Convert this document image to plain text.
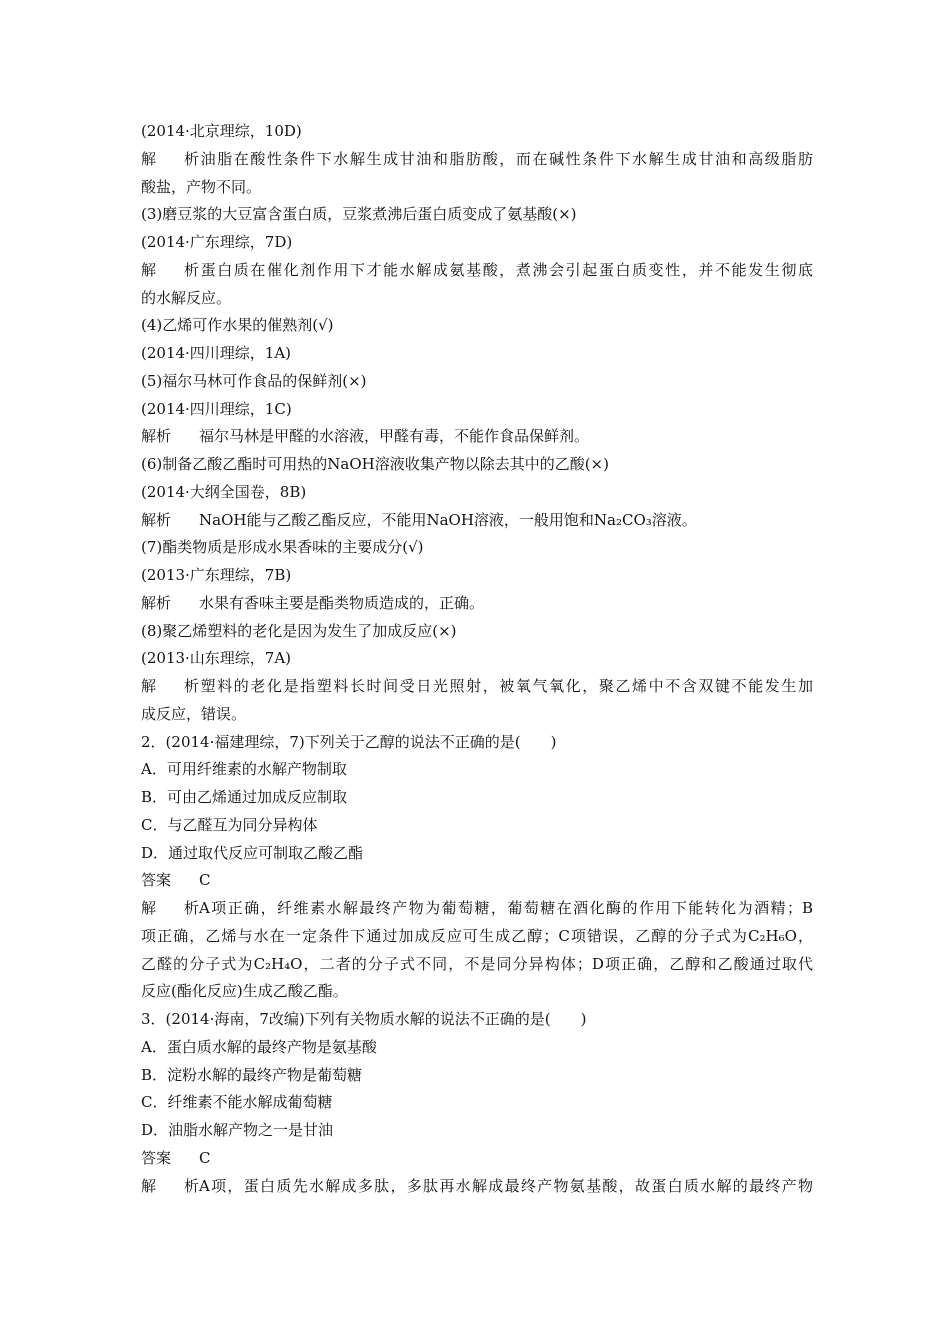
(2014·北京理综，10D)
解析油脂在酸性条件下水解生成甘油和脂肪酸，而在碱性条件下水解生成甘油和高级脂肪
酸盐，产物不同。
(3)磨豆浆的大豆富含蛋白质，豆浆煮沸后蛋白质变成了氨基酸(×)
(2014·广东理综，7D)
解析蛋白质在催化剂作用下才能水解成氨基酸，煮沸会引起蛋白质变性，并不能发生彻底
的水解反应。
(4)乙烯可作水果的催熟剂(√)
(2014·四川理综，1A)
(5)福尔马林可作食品的保鲜剂(×)
(2014·四川理综，1C)
解析 福尔马林是甲醛的水溶液，甲醛有毒，不能作食品保鲜剂。
(6)制备乙酸乙酯时可用热的NaOH溶液收集产物以除去其中的乙酸(×)
(2014·大纲全国卷，8B)
解析 NaOH能与乙酸乙酯反应，不能用NaOH溶液，一般用饱和Na₂CO₃溶液。
(7)酯类物质是形成水果香味的主要成分(√)
(2013·广东理综，7B)
解析 水果有香味主要是酯类物质造成的，正确。
(8)聚乙烯塑料的老化是因为发生了加成反应(×)
(2013·山东理综，7A)
解析塑料的老化是指塑料长时间受日光照射，被氧气氧化，聚乙烯中不含双键不能发生加
成反应，错误。
2．(2014·福建理综，7)下列关于乙醇的说法不正确的是(　　)
A．可用纤维素的水解产物制取
B．可由乙烯通过加成反应制取
C．与乙醛互为同分异构体
D．通过取代反应可制取乙酸乙酯
答案 C
解析A项正确，纤维素水解最终产物为葡萄糖，葡萄糖在酒化酶的作用下能转化为酒精；B
项正确，乙烯与水在一定条件下通过加成反应可生成乙醇；C项错误，乙醇的分子式为C₂H₆O，
乙醛的分子式为C₂H₄O，二者的分子式不同，不是同分异构体；D项正确，乙醇和乙酸通过取代
反应(酯化反应)生成乙酸乙酯。
3．(2014·海南，7改编)下列有关物质水解的说法不正确的是(　　)
A．蛋白质水解的最终产物是氨基酸
B．淀粉水解的最终产物是葡萄糖
C．纤维素不能水解成葡萄糖
D．油脂水解产物之一是甘油
答案 C
解析A项，蛋白质先水解成多肽，多肽再水解成最终产物氨基酸，故蛋白质水解的最终产物
